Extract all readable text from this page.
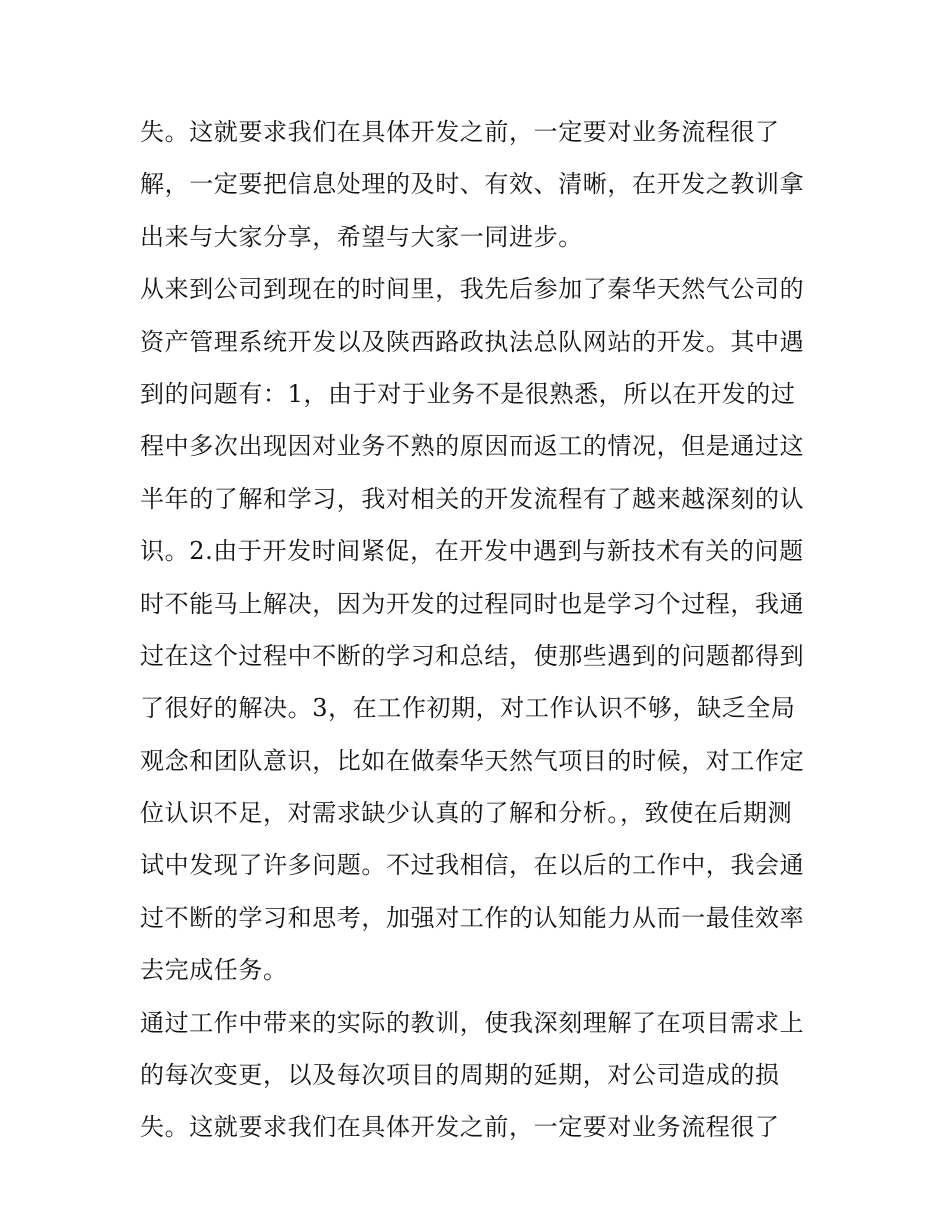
失。这就要求我们在具体开发之前，一定要对业务流程很了
解，一定要把信息处理的及时、有效、清晰，在开发之教训拿
出来与大家分享，希望与大家一同进步。
从来到公司到现在的时间里，我先后参加了秦华天然气公司的
资产管理系统开发以及陕西路政执法总队网站的开发。其中遇
到的问题有：1，由于对于业务不是很熟悉，所以在开发的过
程中多次出现因对业务不熟的原因而返工的情况，但是通过这
半年的了解和学习，我对相关的开发流程有了越来越深刻的认
识。2.由于开发时间紧促，在开发中遇到与新技术有关的问题
时不能马上解决，因为开发的过程同时也是学习个过程，我通
过在这个过程中不断的学习和总结，使那些遇到的问题都得到
了很好的解决。3，在工作初期，对工作认识不够，缺乏全局
观念和团队意识，比如在做秦华天然气项目的时候，对工作定
位认识不足，对需求缺少认真的了解和分析。，致使在后期测
试中发现了许多问题。不过我相信，在以后的工作中，我会通
过不断的学习和思考，加强对工作的认知能力从而一最佳效率
去完成任务。
通过工作中带来的实际的教训，使我深刻理解了在项目需求上
的每次变更，以及每次项目的周期的延期，对公司造成的损
失。这就要求我们在具体开发之前，一定要对业务流程很了
